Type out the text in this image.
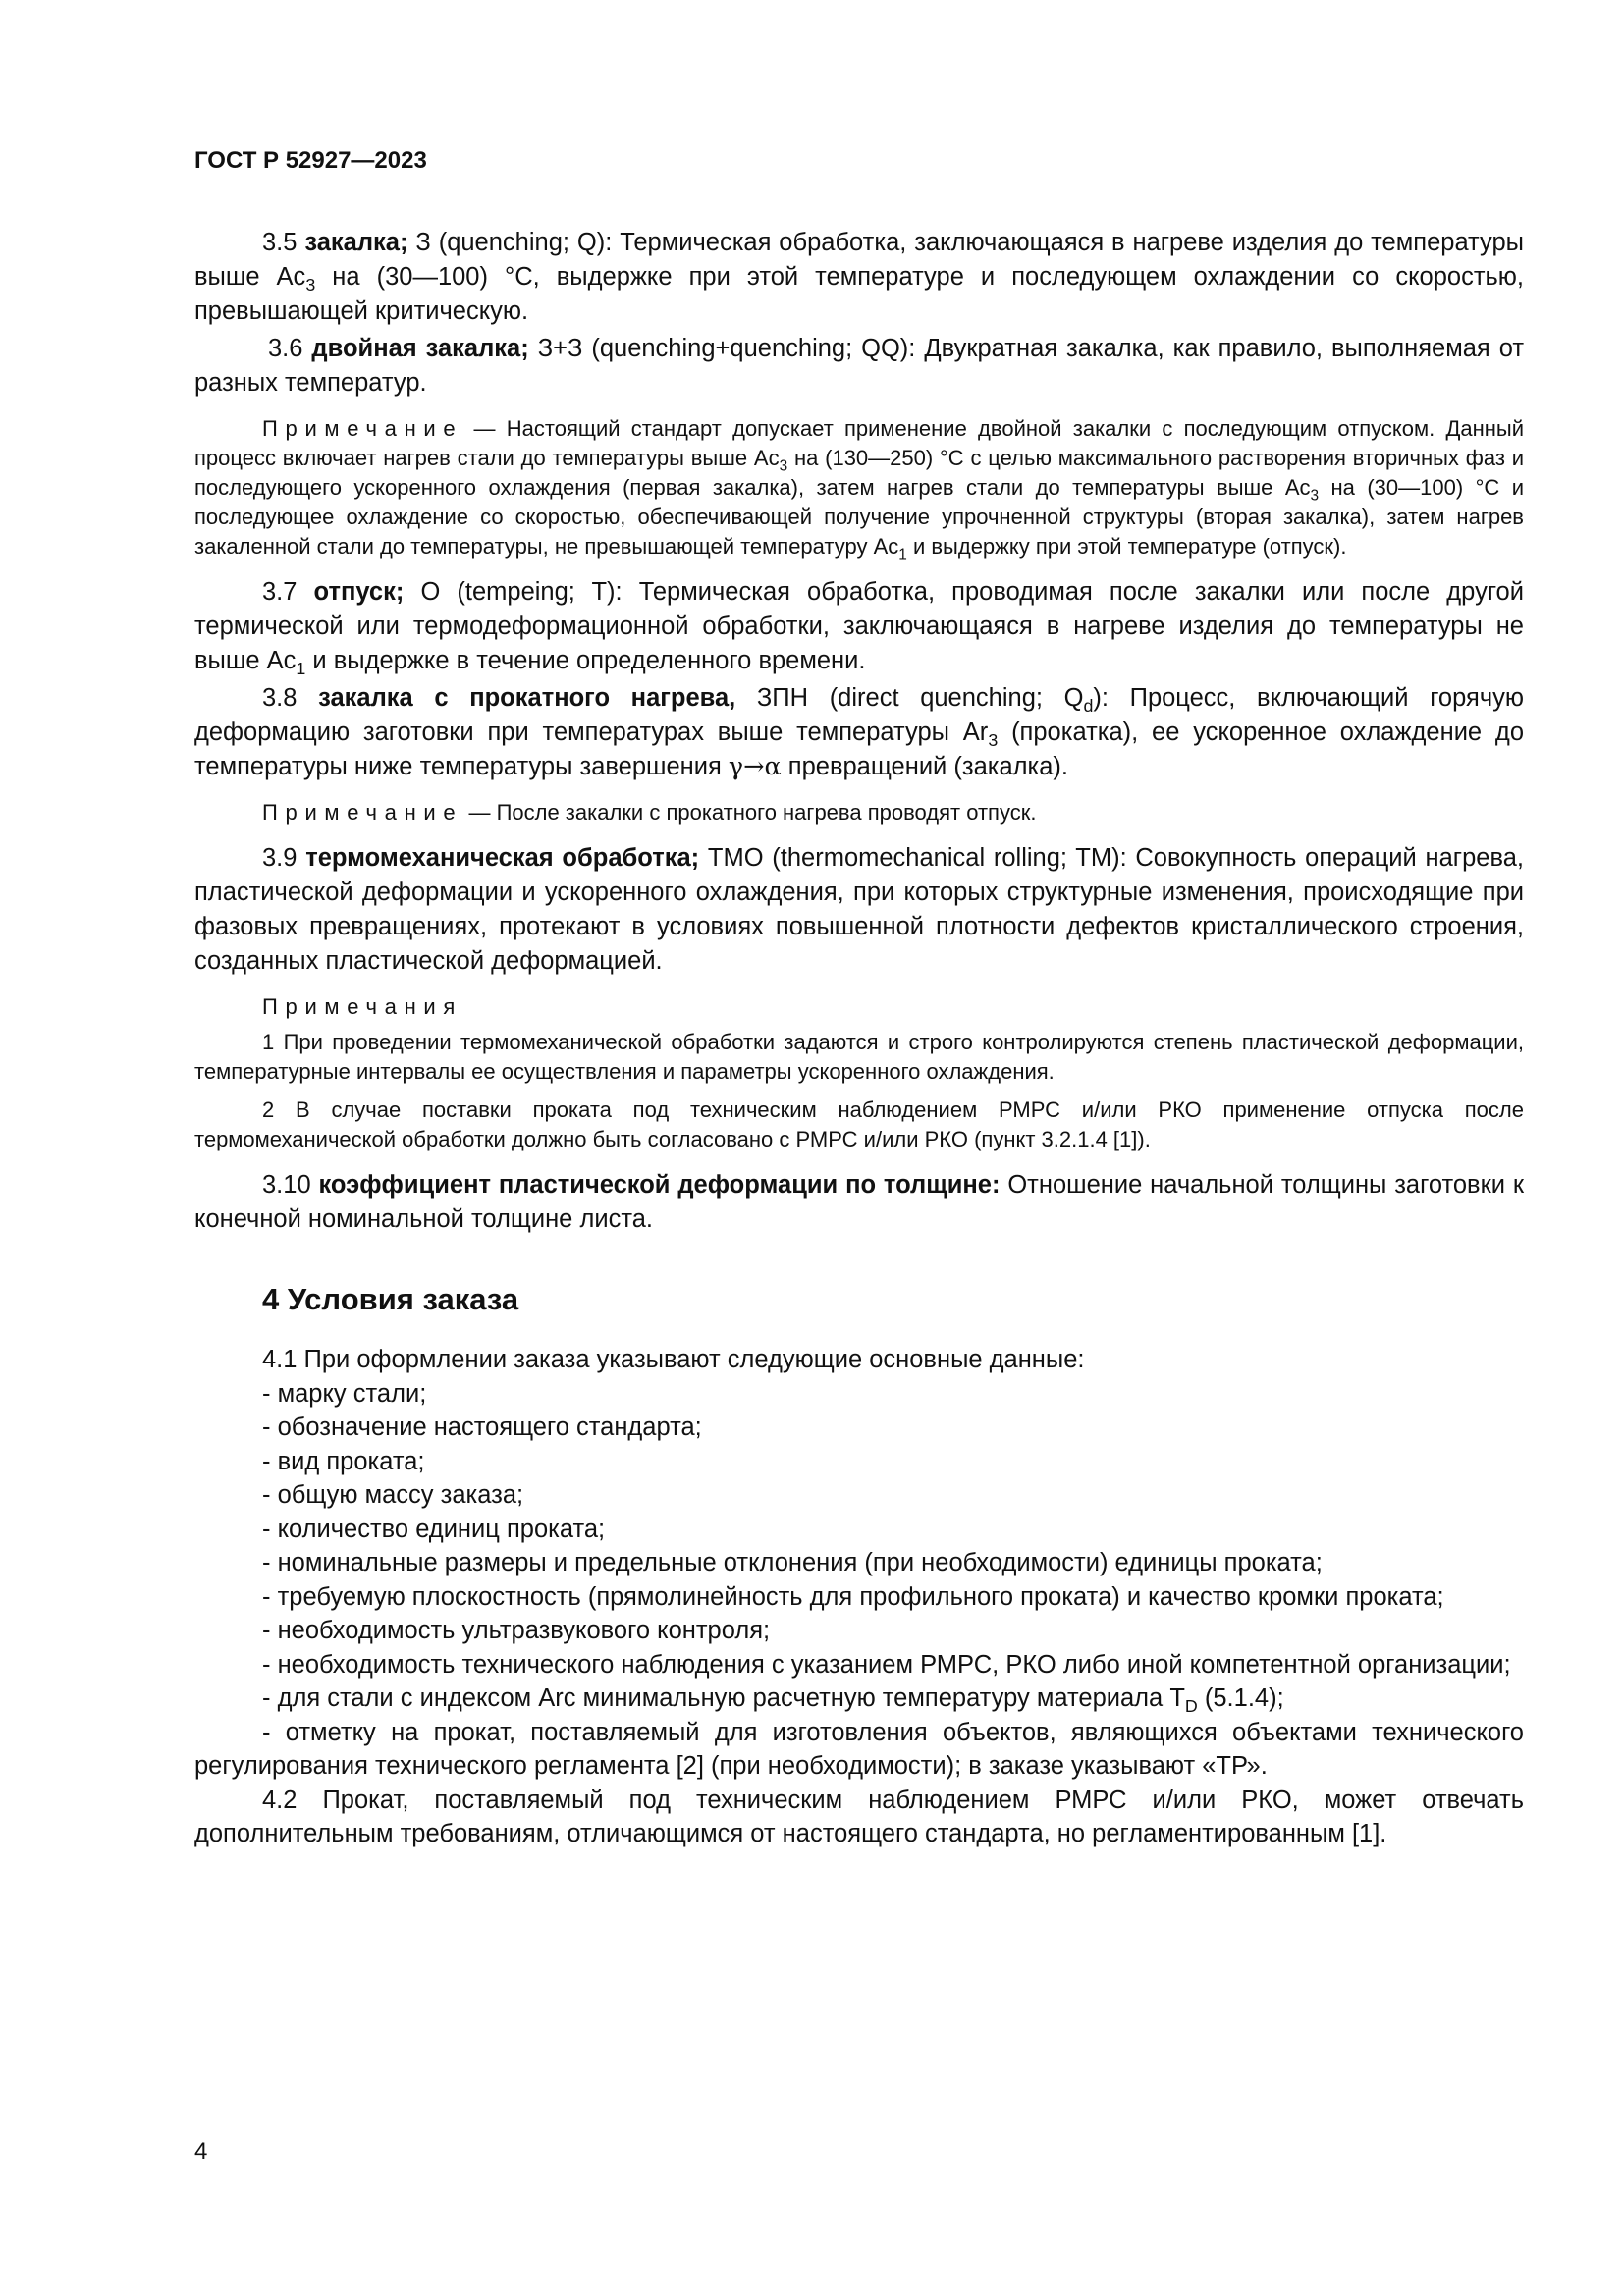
ГОСТ Р 52927—2023

3.5 закалка; З (quenching; Q): Термическая обработка, заключающаяся в нагреве изделия до температуры выше $Ас_3$ на (30—100) °С, выдержке при этой температуре и последующем охлаждении со скоростью, превышающей критическую.

3.6 двойная закалка; З+З (quenching+quenching; QQ): Двукратная закалка, как правило, выполняемая от разных температур.

Примечание — Настоящий стандарт допускает применение двойной закалки с последующим отпуском. Данный процесс включает нагрев стали до температуры выше $Ас_3$ на (130—250) °С с целью максимального растворения вторичных фаз и последующего ускоренного охлаждения (первая закалка), затем нагрев стали до температуры выше $Ас_3$ на (30—100) °С и последующее охлаждение со скоростью, обеспечивающей получение упрочненной структуры (вторая закалка), затем нагрев закаленной стали до температуры, не превышающей температуру $Ас_1$ и выдержку при этой температуре (отпуск).

3.7 отпуск; О (tempeing; T): Термическая обработка, проводимая после закалки или после другой термической или термодеформационной обработки, заключающаяся в нагреве изделия до температуры не выше $Ас_1$ и выдержке в течение определенного времени.

3.8 закалка с прокатного нагрева, ЗПН (direct quenching; $Q_d$): Процесс, включающий горячую деформацию заготовки при температурах выше температуры $Ar_3$ (прокатка), ее ускоренное охлаждение до температуры ниже температуры завершения γ→α превращений (закалка).

Примечание — После закалки с прокатного нагрева проводят отпуск.

3.9 термомеханическая обработка; ТМО (thermomechanical rolling; TM): Совокупность операций нагрева, пластической деформации и ускоренного охлаждения, при которых структурные изменения, происходящие при фазовых превращениях, протекают в условиях повышенной плотности дефектов кристаллического строения, созданных пластической деформацией.

Примечания

1 При проведении термомеханической обработки задаются и строго контролируются степень пластической деформации, температурные интервалы ее осуществления и параметры ускоренного охлаждения.

2 В случае поставки проката под техническим наблюдением РМРС и/или РКО применение отпуска после термомеханической обработки должно быть согласовано с РМРС и/или РКО (пункт 3.2.1.4 [1]).

3.10 коэффициент пластической деформации по толщине: Отношение начальной толщины заготовки к конечной номинальной толщине листа.

4 Условия заказа

4.1 При оформлении заказа указывают следующие основные данные:

- марку стали;

- обозначение настоящего стандарта;

- вид проката;

- общую массу заказа;

- количество единиц проката;

- номинальные размеры и предельные отклонения (при необходимости) единицы проката;

- требуемую плоскостность (прямолинейность для профильного проката) и качество кромки проката;

- необходимость ультразвукового контроля;

- необходимость технического наблюдения с указанием РМРС, РКО либо иной компетентной организации;

- для стали с индексом Arc минимальную расчетную температуру материала $T_D$ (5.1.4);

- отметку на прокат, поставляемый для изготовления объектов, являющихся объектами технического регулирования технического регламента [2] (при необходимости); в заказе указывают «ТР».

4.2 Прокат, поставляемый под техническим наблюдением РМРС и/или РКО, может отвечать дополнительным требованиям, отличающимся от настоящего стандарта, но регламентированным [1].

4
